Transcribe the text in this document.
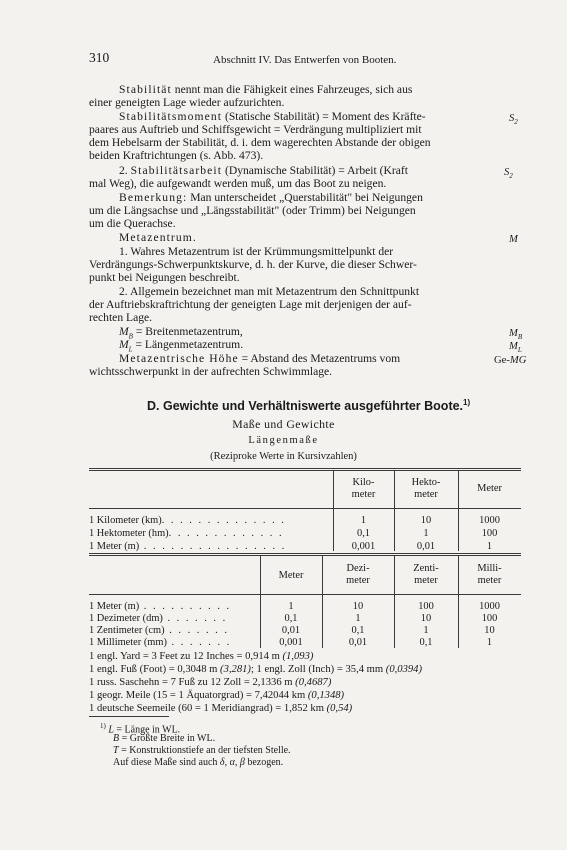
310	Abschnitt IV. Das Entwerfen von Booten.
Stabilität nennt man die Fähigkeit eines Fahrzeuges, sich aus
einer geneigten Lage wieder aufzurichten.
Stabilitätsmoment (Statische Stabilität) = Moment des Kräfte-
paares aus Auftrieb und Schiffsgewicht = Verdrängung multipliziert mit
dem Hebelsarm der Stabilität, d. i. dem wagerechten Abstande der obigen
beiden Kraftrichtungen (s. Abb. 473).
$S_2$
2. Stabilitätsarbeit (Dynamische Stabilität) = Arbeit (Kraft
mal Weg), die aufgewandt werden muß, um das Boot zu neigen.
$S_2$
Bemerkung: Man unterscheidet „Querstabilität" bei Neigungen
um die Längsachse und „Längsstabilität" (oder Trimm) bei Neigungen
um die Querachse.
Metazentrum.	M
1. Wahres Metazentrum ist der Krümmungsmittelpunkt der
Verdrängungs-Schwerpunktskurve, d. h. der Kurve, die dieser Schwer-
punkt bei Neigungen beschreibt.
2. Allgemein bezeichnet man mit Metazentrum den Schnittpunkt
der Auftriebskraftrichtung der geneigten Lage mit derjenigen der auf-
rechten Lage.
$M_B$ = Breitenmetazentrum,
$M_L$ = Längenmetazentrum.
$M_B$
$M_L$
Metazentrische Höhe = Abstand des Metazentrums vom
wichtsschwerpunkt in der aufrechten Schwimmlage.
Ge-MG
D. Gewichte und Verhältniswerte ausgeführter Boote.$^{1)}$
Maße und Gewichte
Längenmaße
(Reziproke Werte in Kursivzahlen)
Kilo-
meter
Hekto-
meter
Meter
1 Kilometer (km). . . . . . . . . . . . . .	1	10	1000
1 Hektometer (hm). . . . . . . . . . . . .	0,1	1	100
1 Meter (m) . . . . . . . . . . . . . . . .	0,001	0,01	1
Meter
Dezi-
meter
Zenti-
meter
Milli-
meter
1 Meter (m) . . . . . . . . . .	1	10	100	1000
1 Dezimeter (dm) . . . . . . .	0,1	1	10	100
1 Zentimeter (cm) . . . . . . .	0,01	0,1	1	10
1 Millimeter (mm) . . . . . . .	0,001	0,01	0,1	1
1 engl. Yard = 3 Feet zu 12 Inches = 0,914 m (1,093)
1 engl. Fuß (Foot) = 0,3048 m (3,281); 1 engl. Zoll (Inch) = 35,4 mm (0,0394)
1 russ. Saschehn = 7 Fuß zu 12 Zoll = 2,1336 m (0,4687)
1 geogr. Meile (15 = 1 Äquatorgrad) = 7,42044 km (0,1348)
1 deutsche Seemeile (60 = 1 Meridiangrad) = 1,852 km (0,54)
$^{1)}$ L = Länge in WL.
B = Größte Breite in WL.
T = Konstruktionstiefe an der tiefsten Stelle.
Auf diese Maße sind auch δ, α, β bezogen.
